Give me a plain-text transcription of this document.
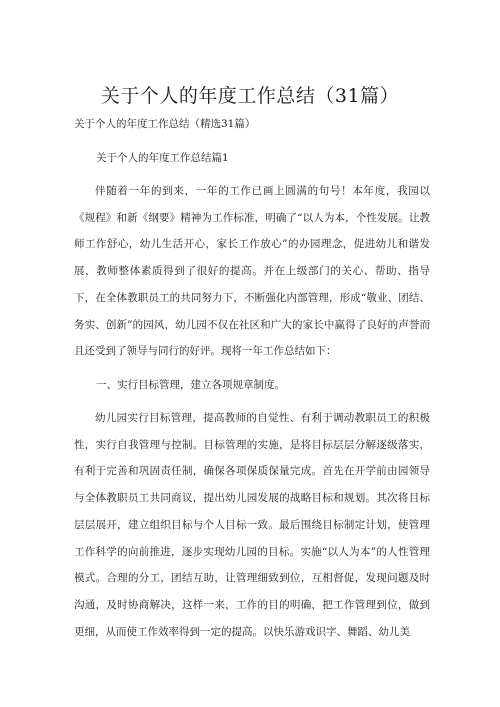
关于个人的年度工作总结（31篇）
关于个人的年度工作总结（精选31篇）
关于个人的年度工作总结篇1

伴随着一年的到来，一年的工作已画上圆满的句号！本年度，我园以《规程》和新《纲要》精神为工作标准，明确了“以人为本，个性发展。让教师工作舒心，幼儿生活开心，家长工作放心”的办园理念，促进幼儿和谐发展，教师整体素质得到了很好的提高。并在上级部门的关心、帮助、指导下，在全体教职员工的共同努力下，不断强化内部管理，形成“敬业、团结、务实、创新”的园风，幼儿园不仅在社区和广大的家长中赢得了良好的声誉而且还受到了领导与同行的好评。现将一年工作总结如下：

一、实行目标管理，建立各项规章制度。

幼儿园实行目标管理，提高教师的自觉性、有利于调动教职员工的积极性，实行自我管理与控制。目标管理的实施，是将目标层层分解逐级落实，有利于完善和巩固责任制，确保各项保质保量完成。首先在开学前由园领导与全体教职员工共同商议，提出幼儿园发展的战略目标和规划。其次将目标层层展开，建立组织目标与个人目标一致。最后围绕目标制定计划，使管理工作科学的向前推进，逐步实现幼儿园的目标。实施“以人为本”的人性管理模式。合理的分工，团结互助，让管理细致到位，互相督促，发现问题及时沟通，及时协商解决，这样一来，工作的目的明确，把工作管理到位，做到更细，从而使工作效率得到一定的提高。以快乐游戏识字、舞蹈、幼儿美
